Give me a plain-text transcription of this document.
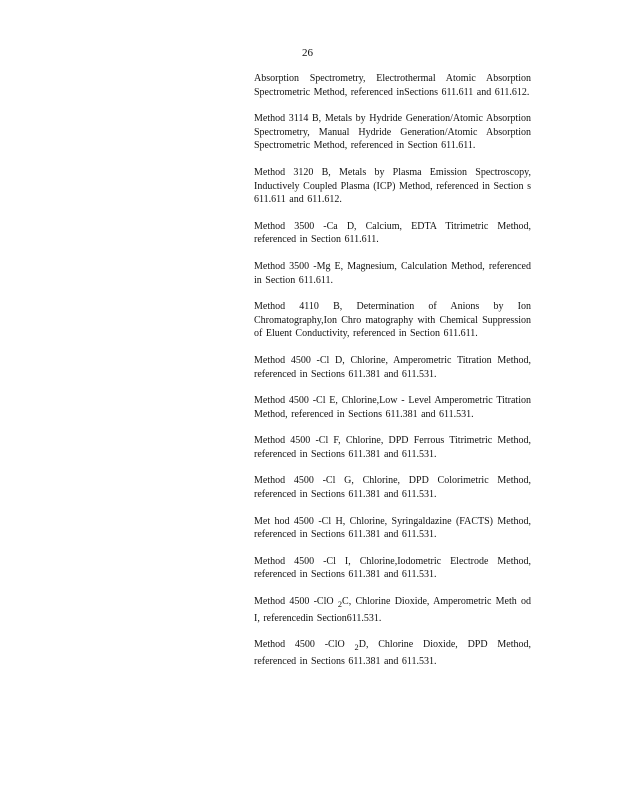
26

Absorption Spectrometry, Electrothermal Atomic Absorption Spectrometric Method, referenced inSections 611.611 and 611.612.

Method 3114 B, Metals by Hydride Generation/Atomic Absorption Spectrometry, Manual Hydride Generation/Atomic Absorption Spectrometric Method, referenced in Section 611.611.

Method 3120 B, Metals by Plasma Emission Spectroscopy, Inductively Coupled Plasma (ICP) Method, referenced in Section s 611.611 and 611.612.

Method 3500 -Ca D, Calcium, EDTA Titrimetric Method, referenced in Section 611.611.

Method 3500 -Mg E, Magnesium, Calculation Method, referenced in Section 611.611.

Method 4110 B, Determination of Anions by Ion Chromatography,Ion Chro matography with Chemical Suppression of Eluent Conductivity, referenced in Section 611.611.

Method 4500 -Cl D, Chlorine, Amperometric Titration Method, referenced in Sections 611.381 and 611.531.

Method 4500 -Cl E, Chlorine,Low - Level Amperometric Titration Method, referenced in Sections 611.381 and 611.531.

Method 4500 -Cl F, Chlorine, DPD Ferrous Titrimetric Method, referenced in Sections 611.381 and 611.531.

Method 4500 -Cl G, Chlorine, DPD Colorimetric Method, referenced in Sections 611.381 and 611.531.

Met hod 4500 -Cl H, Chlorine, Syringaldazine (FACTS) Method, referenced in Sections 611.381 and 611.531.

Method 4500 -Cl I, Chlorine,Iodometric Electrode Method, referenced in Sections 611.381 and 611.531.

Method 4500 -ClO $_2$C, Chlorine Dioxide, Amperometric Meth od I, referencedin Section611.531.

Method 4500 -ClO $_2$D, Chlorine Dioxide, DPD Method, referenced in Sections 611.381 and 611.531.
